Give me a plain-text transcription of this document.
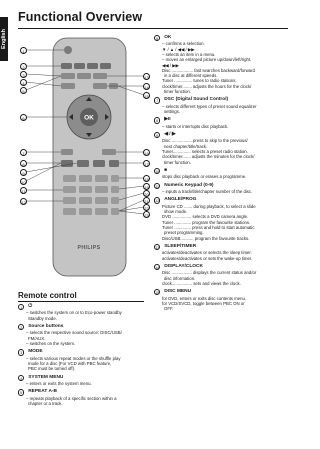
English
Functional Overview
OK
PHILIPS
1
2
3
4
5
6
7
8
9
10
11
12
13
14
15
16
17
18
19
20
21
22
23
Remote control
1	⏻
– switches the system on or to Eco-power standby
Standby mode.
2	Source buttons
– selects the respective sound source: DISC/USB/
FM/AUX.
– switches on the system.
3	MODE
– selects various repeat modes or the shuffle play
mode for a disc (For VCD with PBC feature,
PBC must be turned off).
4	SYSTEM MENU
– enters or exits the system menu.
5	REPEAT A-B
– repeats playback of a specific section within a
chapter or a track.
6	OK
– confirms a selection.
▼ / ▲ / ◀◀ / ▶▶
– selects an item in a menu.
– moves an enlarged picture up/down/left/right.
◀◀ / ▶▶
Disc .................. fast searches backward/forward
in a disc at different speeds.
Tuner ............... tunes to radio stations.
clock/timer........ adjusts the hours for the clock/
timer function.
7	DSC (Digital Sound Control)
– selects different types of preset sound equalizer
settings.
8	▶II
– starts or interrupts disc playback.
9	◀ / ▶
Disc ................. press to skip to the previous/
next chapter/title/track.
Tuner............... selects a preset radio station.
clock/timer....... adjusts the minutes for the clock/
timer function.
10 ■
stops disc playback or erases a programme.
11 Numeric Keypad (0-9)
– inputs a track/title/chapter number of the disc.
12 ANGLE/PROG
Picture CD ....... during playback, to select a slide
show mode.
DVD ................ selects a DVD camera angle.
Tuner .............. program the favourite stations.
Tuner .............. press and hold to start automatic
preset programming.
Disc/USB........... program the favourite tracks.
13 SLEEP/TIMER
activates/deactivates or selects the sleep timer.
activates/deactivates or sets the wake-up timer.
14 DISPLAY/CLOCK
Disc ................. displays the current status and/or
disc information.
clock................. sets and views the clock.
15 DISC MENU
for DVD, enters or exits disc contents menu.
for VCD/SVCD, toggle between PBC ON or
OFF.
